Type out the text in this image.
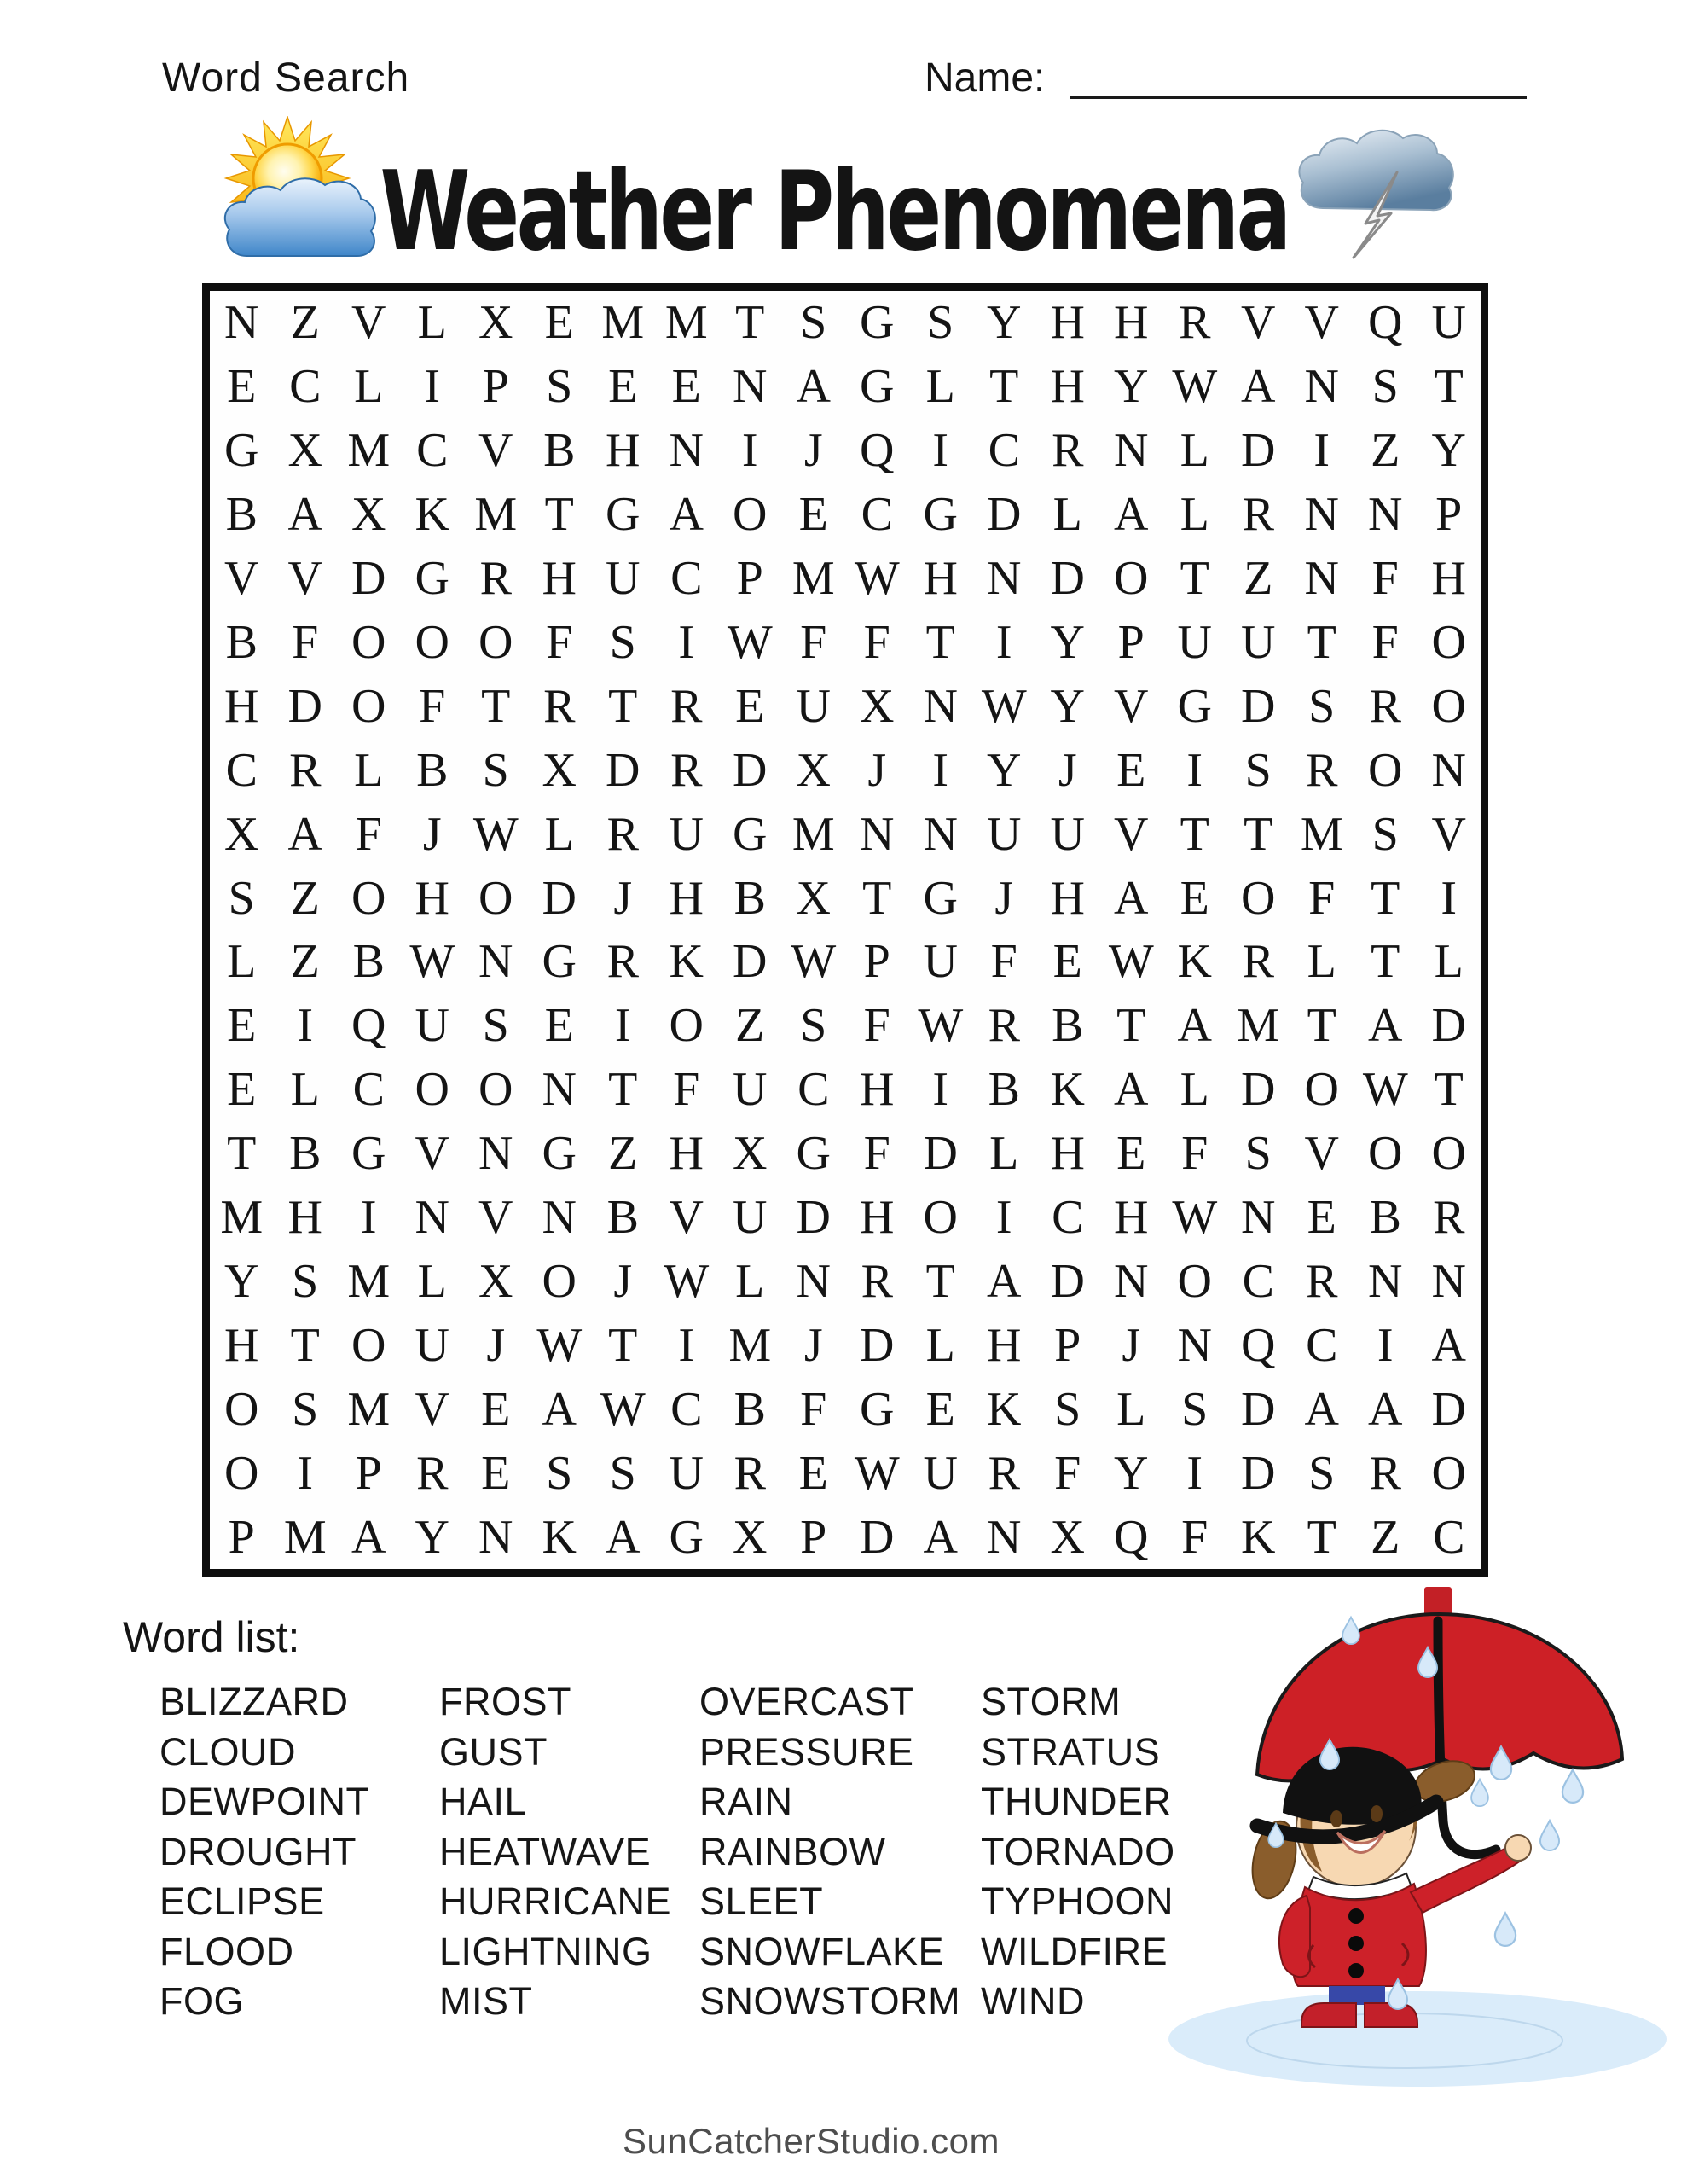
Word Search	Name:
Weather Phenomena
N Z V L X E M M T S G S Y H H R V V Q U
E C L I P S E E N A G L T H Y W A N S T
G X M C V B H N I J Q I C R N L D I Z Y
B A X K M T G A O E C G D L A L R N N P
V V D G R H U C P M W H N D O T Z N F H
B F O O O F S I W F F T I Y P U U T F O
H D O F T R T R E U X N W Y V G D S R O
C R L B S X D R D X J I Y J E I S R O N
X A F J W L R U G M N N U U V T T M S V
S Z O H O D J H B X T G J H A E O F T I
L Z B W N G R K D W P U F E W K R L T L
E I Q U S E I O Z S F W R B T A M T A D
E L C O O N T F U C H I B K A L D O W T
T B G V N G Z H X G F D L H E F S V O O
M H I N V N B V U D H O I C H W N E B R
Y S M L X O J W L N R T A D N O C R N N
H T O U J W T I M J D L H P J N Q C I A
O S M V E A W C B F G E K S L S D A A D
O I P R E S S U R E W U R F Y I D S R O
P M A Y N K A G X P D A N X Q F K T Z C
Word list:
BLIZZARD
CLOUD
DEWPOINT
DROUGHT
ECLIPSE
FLOOD
FOG
FROST
GUST
HAIL
HEATWAVE
HURRICANE
LIGHTNING
MIST
OVERCAST
PRESSURE
RAIN
RAINBOW
SLEET
SNOWFLAKE
SNOWSTORM
STORM
STRATUS
THUNDER
TORNADO
TYPHOON
WILDFIRE
WIND
SunCatcherStudio.com
